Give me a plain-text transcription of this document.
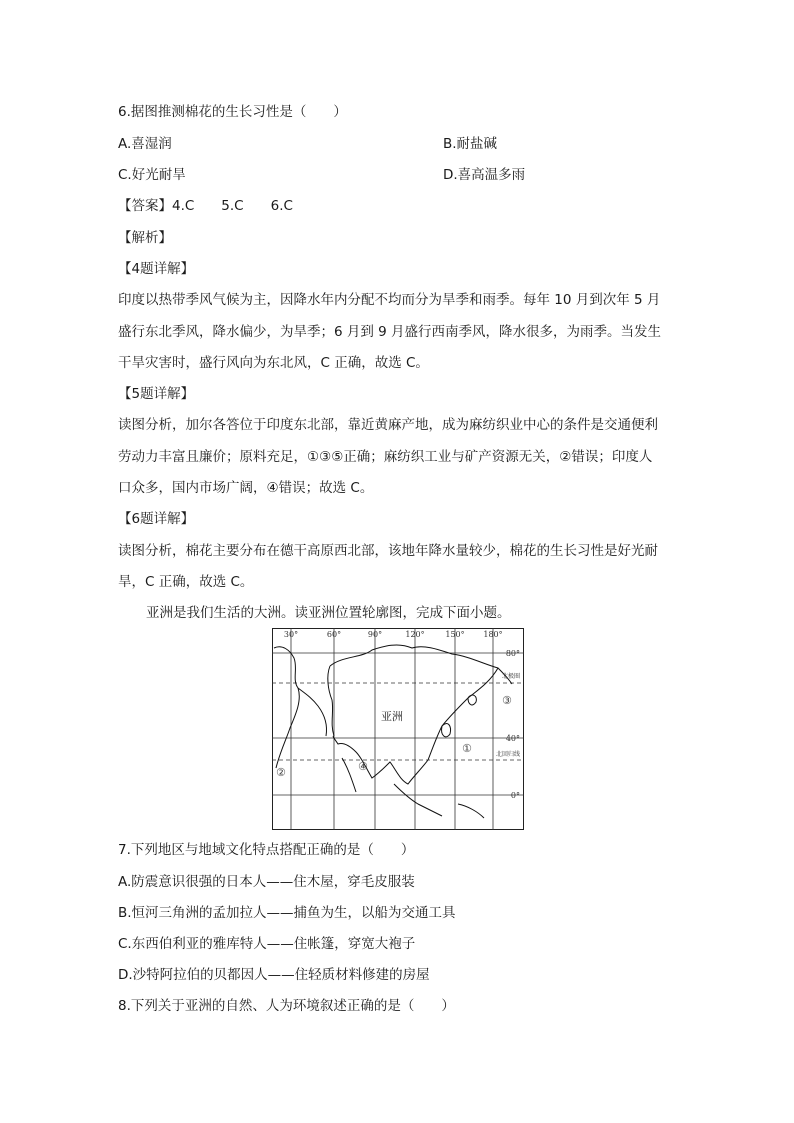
6.据图推测棉花的生长习性是（　　）
A.喜湿润	B.耐盐碱
C.好光耐旱	D.喜高温多雨
【答案】4.C　　5.C　　6.C
【解析】
【4题详解】
印度以热带季风气候为主，因降水年内分配不均而分为旱季和雨季。每年 10 月到次年 5 月
盛行东北季风，降水偏少，为旱季；6 月到 9 月盛行西南季风，降水很多，为雨季。当发生
干旱灾害时，盛行风向为东北风，C 正确，故选 C。
【5题详解】
读图分析，加尔各答位于印度东北部，靠近黄麻产地，成为麻纺织业中心的条件是交通便利
劳动力丰富且廉价；原料充足，①③⑤正确；麻纺织工业与矿产资源无关，②错误；印度人
口众多，国内市场广阔，④错误；故选 C。
【6题详解】
读图分析，棉花主要分布在德干高原西北部，该地年降水量较少，棉花的生长习性是好光耐
旱，C 正确，故选 C。
亚洲是我们生活的大洲。读亚洲位置轮廓图，完成下面小题。
30°	60°	90°	120°	150° 180°
80°
40°
0°
亚洲
北极圈
北回归线
①
②
③
④
7.下列地区与地域文化特点搭配正确的是（　　）
A.防震意识很强的日本人——住木屋，穿毛皮服装
B.恒河三角洲的孟加拉人——捕鱼为生，以船为交通工具
C.东西伯利亚的雅库特人——住帐篷，穿宽大袍子
D.沙特阿拉伯的贝都因人——住轻质材料修建的房屋
8.下列关于亚洲的自然、人为环境叙述正确的是（　　）
